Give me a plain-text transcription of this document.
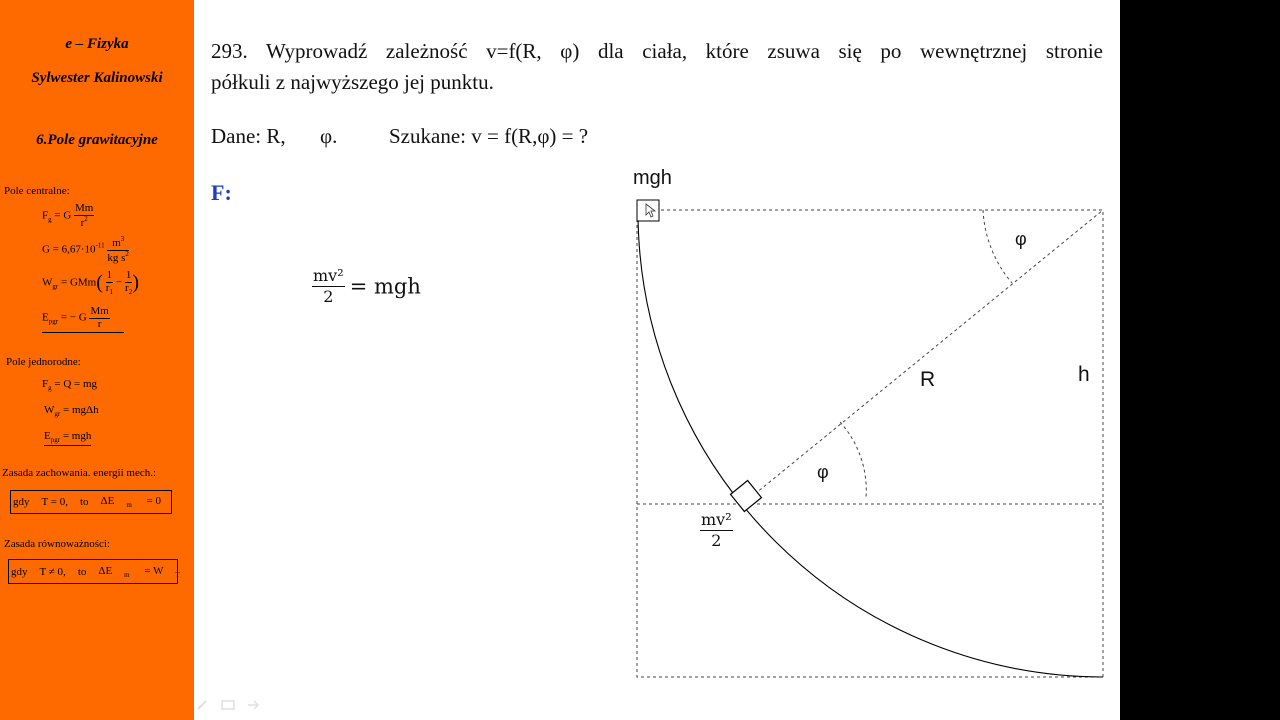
e – Fizyka
Sylwester Kalinowski
6.Pole grawitacyjne
Pole centralne:
$F_g = G \frac{Mm}{r^2}$
$G = 6,67\cdot 10^{-11} \frac{m^3}{kg s^2}$
$W_{gr} = GMm( \frac{1}{r_1} - \frac{1}{r_2}$ )
$E_{pgr}$ = − G $\frac{Mm}{r}$
Pole jednorodne:
$F_g = Q$ = mg
$W_{gr} = mg\Delta h$
$E_{pgr}$ = mgh
Zasada zachowania. energii mech.:
gdy T = 0, to ΔE $_m$ = 0
Zasada równoważności:
gdy T ≠ 0, to ΔE $_m$ = W $_T$
293. Wyprowadź zależność v=f(R, φ) dla ciała, które zsuwa się po wewnętrznej stronie
półkuli z najwyższego jej punktu.
Dane: R, φ. Szukane: v = f(R,φ) = ?
F:
$\frac{\text{mv²}}{2}$ = mgh
mgh
φ
R	h
φ
$\frac{\text{mv²}}{2}$
